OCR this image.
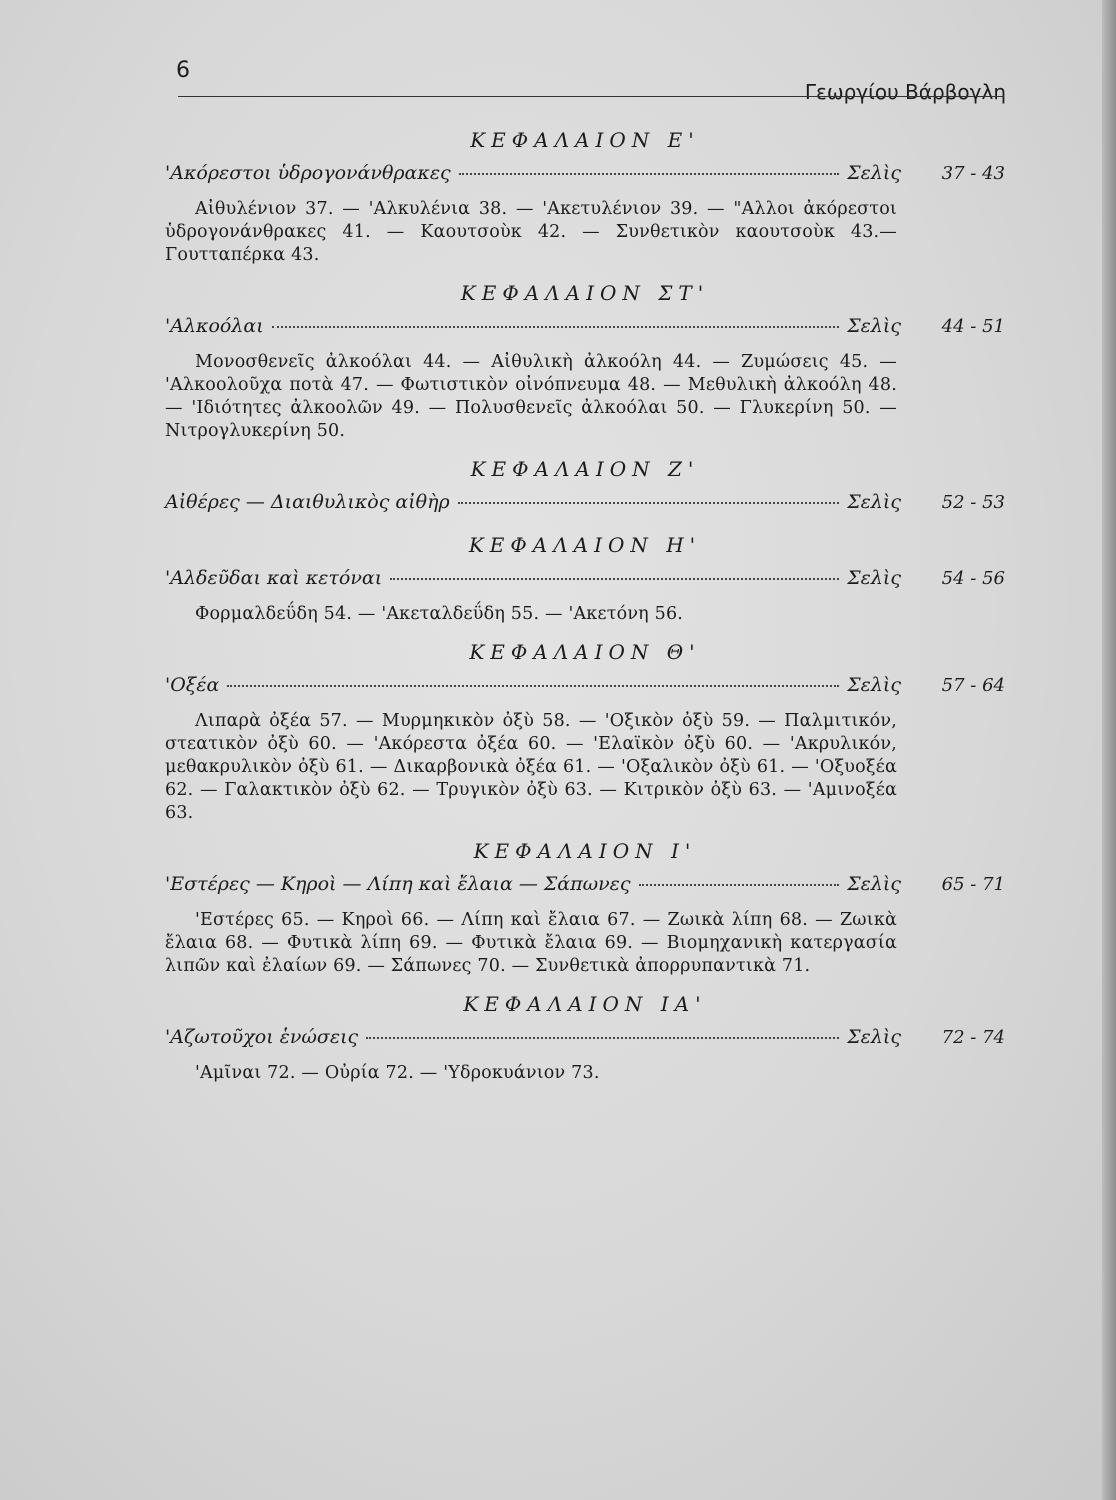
6
Γεωργίου Βάρβογλη
ΚΕΦΑΛΑΙΟΝ Ε'
'Ακόρεστοι ὑδρογονάνθρακες	Σελὶς	37 - 43
Αἰθυλένιον 37. — 'Αλκυλένια 38. — 'Ακετυλένιον 39. — "Αλλοι ἀκόρεστοι ὑδρογονάνθρακες 41. — Καουτσοὺκ 42. — Συνθετικὸν καουτσοὺκ 43.— Γουτταπέρκα 43.
ΚΕΦΑΛΑΙΟΝ ΣΤ'
'Αλκοόλαι	Σελὶς	44 - 51
Μονοσθενεῖς ἀλκοόλαι 44. — Αἰθυλικὴ ἀλκοόλη 44. — Ζυμώσεις 45. — 'Αλκοολοῦχα ποτὰ 47. — Φωτιστικὸν οἰνόπνευμα 48. — Μεθυλικὴ ἀλκοόλη 48. — 'Ιδιότητες ἀλκοολῶν 49. — Πολυσθενεῖς ἀλκοόλαι 50. — Γλυκερίνη 50. — Νιτρογλυκερίνη 50.
ΚΕΦΑΛΑΙΟΝ Ζ'
Αἰθέρες — Διαιθυλικὸς αἰθὴρ	Σελὶς	52 - 53
ΚΕΦΑΛΑΙΟΝ Η'
'Αλδεῦδαι καὶ κετόναι	Σελὶς	54 - 56
Φορμαλδεΰδη 54. — 'Ακεταλδεΰδη 55. — 'Ακετόνη 56.
ΚΕΦΑΛΑΙΟΝ Θ'
'Οξέα	Σελὶς	57 - 64
Λιπαρὰ ὀξέα 57. — Μυρμηκικὸν ὀξὺ 58. — 'Οξικὸν ὀξὺ 59. — Παλμιτικόν, στεατικὸν ὀξὺ 60. — 'Ακόρεστα ὀξέα 60. — 'Ελαϊκὸν ὀξὺ 60. — 'Ακρυλικόν, μεθακρυλικὸν ὀξὺ 61. — Δικαρβονικὰ ὀξέα 61. — 'Οξαλικὸν ὀξὺ 61. — 'Οξυοξέα 62. — Γαλακτικὸν ὀξὺ 62. — Τρυγικὸν ὀξὺ 63. — Κιτρικὸν ὀξὺ 63. — 'Αμινοξέα 63.
ΚΕΦΑΛΑΙΟΝ Ι'
'Εστέρες — Κηροὶ — Λίπη καὶ ἔλαια — Σάπωνες	Σελὶς	65 - 71
'Εστέρες 65. — Κηροὶ 66. — Λίπη καὶ ἔλαια 67. — Ζωικὰ λίπη 68. — Ζωικὰ ἔλαια 68. — Φυτικὰ λίπη 69. — Φυτικὰ ἔλαια 69. — Βιομηχανικὴ κατεργασία λιπῶν καὶ ἐλαίων 69. — Σάπωνες 70. — Συνθετικὰ ἀπορρυπαντικὰ 71.
ΚΕΦΑΛΑΙΟΝ ΙΑ'
'Αζωτοῦχοι ἑνώσεις	Σελὶς	72 - 74
'Αμῖναι 72. — Οὐρία 72. — 'Υδροκυάνιον 73.
